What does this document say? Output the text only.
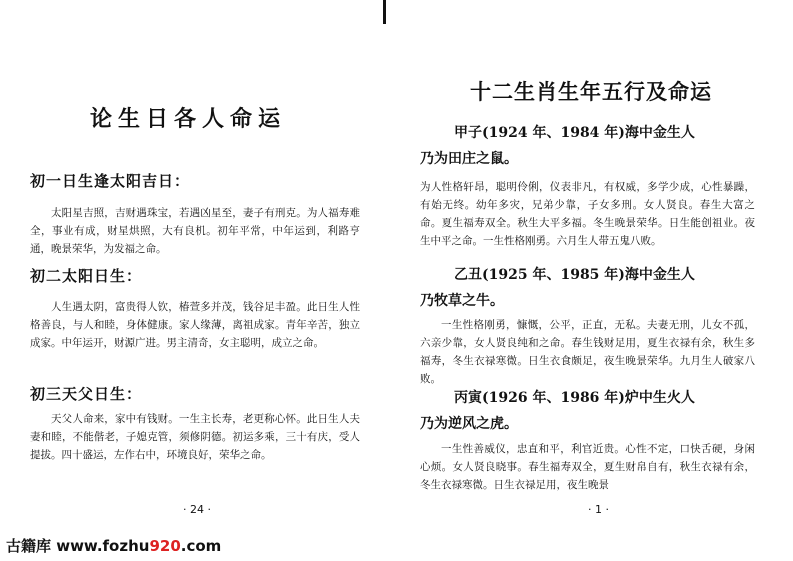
论生日各人命运
初一日生逢太阳吉日：
太阳星吉照，吉财遇珠宝，若遇凶星至，妻子有刑克。为人福寿难全，事业有成，财星烘照，大有良机。初年平常，中年运到，利路亨通，晚景荣华，为发福之命。
初二太阳日生：
人生遇太阴，富贵得人钦，椿萱多并茂，钱谷足丰盈。此日生人性格善良，与人和睦，身体健康。家人缘薄，离祖成家。青年辛苦，独立成家。中年运开，财源广进。男主清奇，女主聪明，成立之命。
初三天父日生：
天父人命来，家中有钱财。一生主长寿，老更称心怀。此日生人夫妻和睦，不能偕老，子媳克管，须修阴德。初运多乘，三十有庆，受人提拔。四十盛运，左作右中，环境良好，荣华之命。
· 24 ·
十二生肖生年五行及命运
甲子(1924 年、1984 年)海中金生人
乃为田庄之鼠。
为人性格轩昂，聪明伶俐，仪表非凡，有权威，多学少成，心性暴躁，有始无终。幼年多灾，兄弟少靠，子女多刑。女人贤良。春生大富之命。夏生福寿双全。秋生大平多福。冬生晚景荣华。日生能创祖业。夜生中平之命。一生性格刚勇。六月生人带五鬼八败。
乙丑(1925 年、1985 年)海中金生人
乃牧草之牛。
一生性格刚勇，慷慨，公平，正直，无私。夫妻无刑，儿女不孤，六亲少靠，女人贤良纯和之命。春生钱财足用，夏生衣禄有余，秋生多福寿，冬生衣禄寒微。日生衣食颇足，夜生晚景荣华。九月生人破家八败。
丙寅(1926 年、1986 年)炉中生火人
乃为逆风之虎。
一生性善威仪，忠直和平，利官近贵。心性不定，口快舌硬，身闲心烦。女人贤良晓事。春生福寿双全，夏生财帛自有，秋生衣禄有余，冬生衣禄寒微。日生衣禄足用，夜生晚景
· 1 ·
古籍库 www.fozhu920.com
